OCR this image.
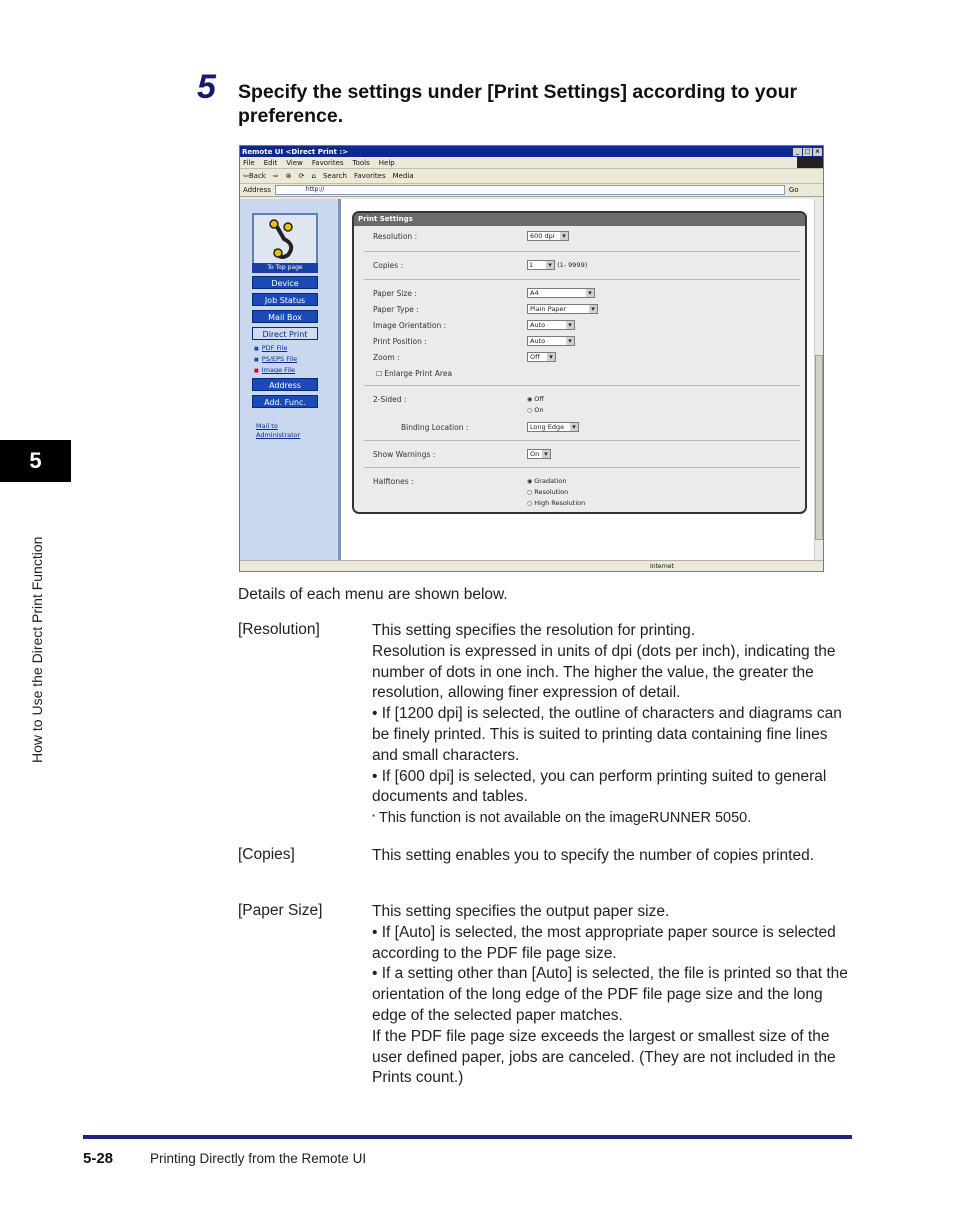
5
How to Use the Direct Print Function
5 Specify the settings under [Print Settings] according to your preference.
Remote UI <Direct Print :>	_ □ ×
File Edit View Favorites Tools Help
⇦Back ⇨ ⊗ ⟳ ⌂ Search Favorites Media
Address	http://	Go
To Top page
Device
Job Status
Mail Box
Direct Print
■ PDF File
■ PS/EPS File
■ Image File
Address
Add. Func.
Mail to
Administrator
Print Settings
Resolution :	600 dpi ▾
Copies :	1 ▾	(1- 9999)
Paper Size :	A4 ▾
Paper Type :	Plain Paper ▾
Image Orientation :	Auto ▾
Print Position :	Auto ▾
Zoom :	Off ▾
☐ Enlarge Print Area
2-Sided :	◉ Off
○ On
Binding Location :	Long Edge ▾
Show Warnings :	On ▾
Halftones :	◉ Gradation
○ Resolution
○ High Resolution
Internet
Details of each menu are shown below.
[Resolution]	This setting specifies the resolution for printing.

Resolution is expressed in units of dpi (dots per inch), indicating the number of dots in one inch. The higher the value, the greater the resolution, allowing finer expression of detail.

• If [1200 dpi] is selected, the outline of characters and diagrams can be finely printed. This is suited to printing data containing fine lines and small characters.

• If [600 dpi] is selected, you can perform printing suited to general documents and tables.

* This function is not available on the imageRUNNER 5050.

[Copies]	This setting enables you to specify the number of copies printed.

[Paper Size]	This setting specifies the output paper size.

• If [Auto] is selected, the most appropriate paper source is selected according to the PDF file page size.

• If a setting other than [Auto] is selected, the file is printed so that the orientation of the long edge of the PDF file page size and the long edge of the selected paper matches.

If the PDF file page size exceeds the largest or smallest size of the user defined paper, jobs are canceled. (They are not included in the Prints count.)

5-28	Printing Directly from the Remote UI
